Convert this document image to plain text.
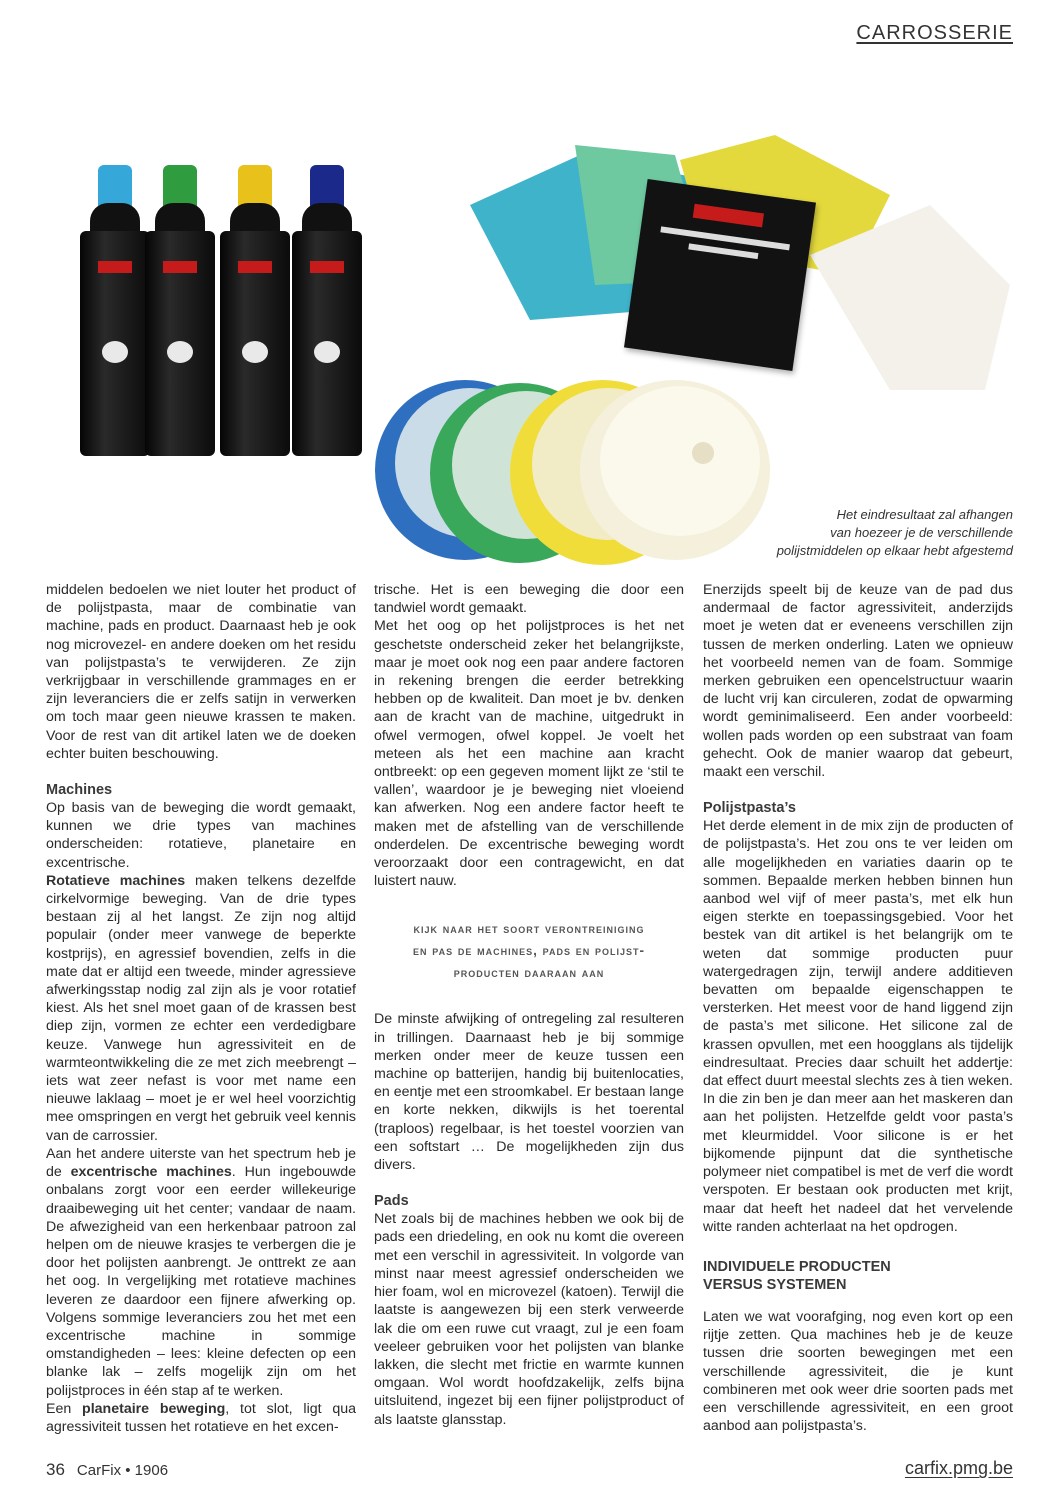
CARROSSERIE
Het eindresultaat zal afhangen
van hoezeer je de verschillende
polijstmiddelen op elkaar hebt afgestemd

middelen bedoelen we niet louter het product of de polijstpasta, maar de combinatie van machine, pads en product. Daarnaast heb je ook nog microvezel- en andere doeken om het residu van polijstpasta’s te verwijderen. Ze zijn verkrijgbaar in verschillende grammages en er zijn leveranciers die er zelfs satijn in verwerken om toch maar geen nieuwe krassen te maken. Voor de rest van dit artikel laten we de doeken echter buiten beschouwing.

Machines

Op basis van de beweging die wordt gemaakt, kunnen we drie types van machines onderscheiden: rotatieve, planetaire en excentrische.

Rotatieve machines maken telkens dezelfde cirkelvormige beweging. Van de drie types bestaan zij al het langst. Ze zijn nog altijd populair (onder meer vanwege de beperkte kostprijs), en agressief bovendien, zelfs in die mate dat er altijd een tweede, minder agressieve afwerkingsstap nodig zal zijn als je voor rotatief kiest. Als het snel moet gaan of de krassen best diep zijn, vormen ze echter een verdedigbare keuze. Vanwege hun agressiviteit en de warmteontwikkeling die ze met zich meebrengt – iets wat zeer nefast is voor met name een nieuwe laklaag – moet je er wel heel voorzichtig mee omspringen en vergt het gebruik veel kennis van de carrossier.

Aan het andere uiterste van het spectrum heb je de excentrische machines. Hun ingebouwde onbalans zorgt voor een eerder willekeurige draaibeweging uit het center; vandaar de naam. De afwezigheid van een herkenbaar patroon zal helpen om de nieuwe krasjes te verbergen die je door het polijsten aanbrengt. Je onttrekt ze aan het oog. In vergelijking met rotatieve machines leveren ze daardoor een fijnere afwerking op. Volgens sommige leveranciers zou het met een excentrische machine in sommige omstandigheden – lees: kleine defecten op een blanke lak – zelfs mogelijk zijn om het polijstproces in één stap af te werken.

Een planetaire beweging, tot slot, ligt qua agressiviteit tussen het rotatieve en het excen-

trische. Het is een beweging die door een tandwiel wordt gemaakt.

Met het oog op het polijstproces is het net geschetste onderscheid zeker het belangrijkste, maar je moet ook nog een paar andere factoren in rekening brengen die eerder betrekking hebben op de kwaliteit. Dan moet je bv. denken aan de kracht van de machine, uitgedrukt in ofwel vermogen, ofwel koppel. Je voelt het meteen als het een machine aan kracht ontbreekt: op een gegeven moment lijkt ze ‘stil te vallen’, waardoor je je beweging niet vloeiend kan afwerken. Nog een andere factor heeft te maken met de afstelling van de verschillende onderdelen. De excentrische beweging wordt veroorzaakt door een contragewicht, en dat luistert nauw.

kijk naar het soort verontreiniging
en pas de machines, pads en polijst-
producten daaraan aan

De minste afwijking of ontregeling zal resulteren in trillingen. Daarnaast heb je bij sommige merken onder meer de keuze tussen een machine op batterijen, handig bij buitenlocaties, en eentje met een stroomkabel. Er bestaan lange en korte nekken, dikwijls is het toerental (traploos) regelbaar, is het toestel voorzien van een softstart … De mogelijkheden zijn dus divers.

Pads

Net zoals bij de machines hebben we ook bij de pads een driedeling, en ook nu komt die overeen met een verschil in agressiviteit. In volgorde van minst naar meest agressief onderscheiden we hier foam, wol en microvezel (katoen). Terwijl die laatste is aangewezen bij een sterk verweerde lak die om een ruwe cut vraagt, zul je een foam veeleer gebruiken voor het polijsten van blanke lakken, die slecht met frictie en warmte kunnen omgaan. Wol wordt hoofdzakelijk, zelfs bijna uitsluitend, ingezet bij een fijner polijstproduct of als laatste glansstap.

Enerzijds speelt bij de keuze van de pad dus andermaal de factor agressiviteit, anderzijds moet je weten dat er eveneens verschillen zijn tussen de merken onderling. Laten we opnieuw het voorbeeld nemen van de foam. Sommige merken gebruiken een opencelstructuur waarin de lucht vrij kan circuleren, zodat de opwarming wordt geminimaliseerd. Een ander voorbeeld: wollen pads worden op een substraat van foam gehecht. Ook de manier waarop dat gebeurt, maakt een verschil.

Polijstpasta’s

Het derde element in de mix zijn de producten of de polijstpasta’s. Het zou ons te ver leiden om alle mogelijkheden en variaties daarin op te sommen. Bepaalde merken hebben binnen hun aanbod wel vijf of meer pasta’s, met elk hun eigen sterkte en toepassingsgebied. Voor het bestek van dit artikel is het belangrijk om te weten dat sommige producten puur watergedragen zijn, terwijl andere additieven bevatten om bepaalde eigenschappen te versterken. Het meest voor de hand liggend zijn de pasta’s met silicone. Het silicone zal de krassen opvullen, met een hoogglans als tijdelijk eindresultaat. Precies daar schuilt het addertje: dat effect duurt meestal slechts zes à tien weken. In die zin ben je dan meer aan het maskeren dan aan het polijsten. Hetzelfde geldt voor pasta’s met kleurmiddel. Voor silicone is er het bijkomende pijnpunt dat die synthetische polymeer niet compatibel is met de verf die wordt verspoten. Er bestaan ook producten met krijt, maar dat heeft het nadeel dat het vervelende witte randen achterlaat na het opdrogen.

INDIVIDUELE PRODUCTEN
VERSUS SYSTEMEN

Laten we wat voorafging, nog even kort op een rijtje zetten. Qua machines heb je de keuze tussen drie soorten bewegingen met een verschillende agressiviteit, die je kunt combineren met ook weer drie soorten pads met een verschillende agressiviteit, en een groot aanbod aan polijstpasta’s.

36 CarFix • 1906	carfix.pmg.be
